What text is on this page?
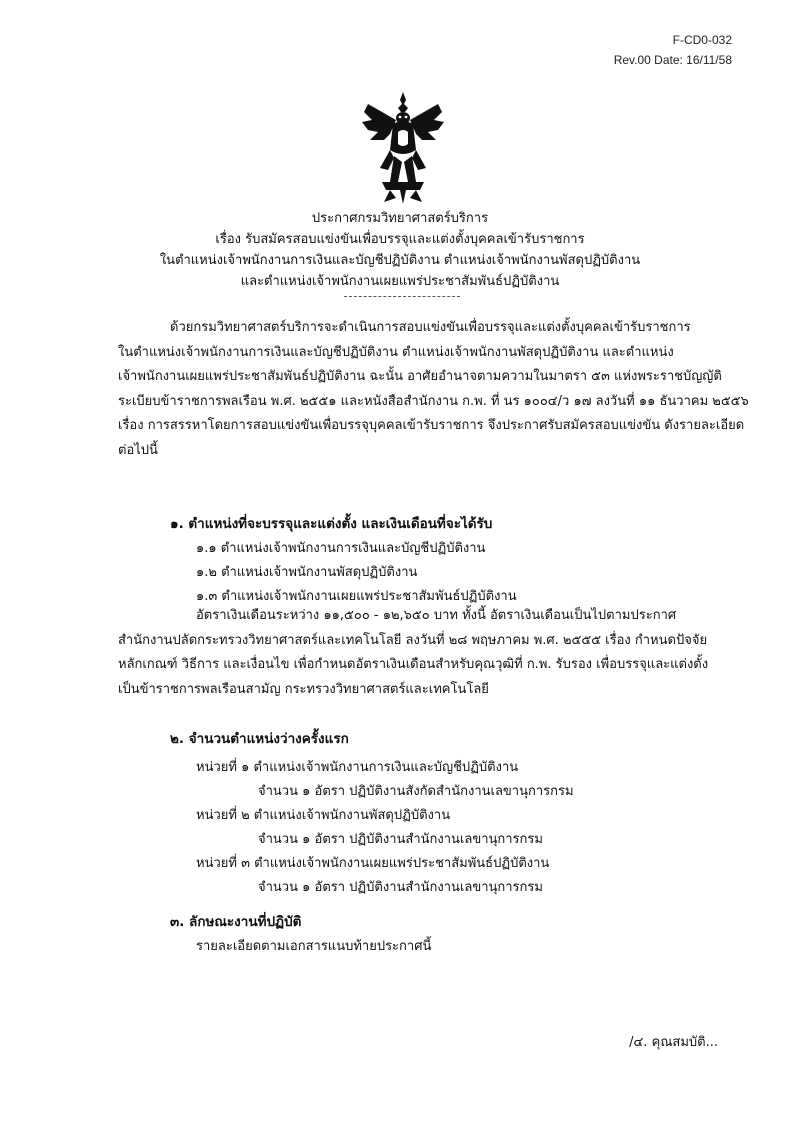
F-CD0-032
Rev.00 Date: 16/11/58
ประกาศกรมวิทยาศาสตร์บริการ
เรื่อง รับสมัครสอบแข่งขันเพื่อบรรจุและแต่งตั้งบุคคลเข้ารับราชการ
ในตำแหน่งเจ้าพนักงานการเงินและบัญชีปฏิบัติงาน ตำแหน่งเจ้าพนักงานพัสดุปฏิบัติงาน
และตำแหน่งเจ้าพนักงานเผยแพร่ประชาสัมพันธ์ปฏิบัติงาน
ด้วยกรมวิทยาศาสตร์บริการจะดำเนินการสอบแข่งขันเพื่อบรรจุและแต่งตั้งบุคคลเข้ารับราชการ
ในตำแหน่งเจ้าพนักงานการเงินและบัญชีปฏิบัติงาน ตำแหน่งเจ้าพนักงานพัสดุปฏิบัติงาน และตำแหน่ง
เจ้าพนักงานเผยแพร่ประชาสัมพันธ์ปฏิบัติงาน ฉะนั้น อาศัยอำนาจตามความในมาตรา ๕๓ แห่งพระราชบัญญัติ
ระเบียบข้าราชการพลเรือน พ.ศ. ๒๕๕๑ และหนังสือสำนักงาน ก.พ. ที่ นร ๑๐๐๔/ว ๑๗ ลงวันที่ ๑๑ ธันวาคม ๒๕๕๖
เรื่อง การสรรหาโดยการสอบแข่งขันเพื่อบรรจุบุคคลเข้ารับราชการ จึงประกาศรับสมัครสอบแข่งขัน ดังรายละเอียด
ต่อไปนี้
๑. ตำแหน่งที่จะบรรจุและแต่งตั้ง และเงินเดือนที่จะได้รับ
๑.๑ ตำแหน่งเจ้าพนักงานการเงินและบัญชีปฏิบัติงาน
๑.๒ ตำแหน่งเจ้าพนักงานพัสดุปฏิบัติงาน
๑.๓ ตำแหน่งเจ้าพนักงานเผยแพร่ประชาสัมพันธ์ปฏิบัติงาน
อัตราเงินเดือนระหว่าง ๑๑,๕๐๐ - ๑๒,๖๕๐ บาท ทั้งนี้ อัตราเงินเดือนเป็นไปตามประกาศ
สำนักงานปลัดกระทรวงวิทยาศาสตร์และเทคโนโลยี ลงวันที่ ๒๘ พฤษภาคม พ.ศ. ๒๕๕๕ เรื่อง กำหนดปัจจัย
หลักเกณฑ์ วิธีการ และเงื่อนไข เพื่อกำหนดอัตราเงินเดือนสำหรับคุณวุฒิที่ ก.พ. รับรอง เพื่อบรรจุและแต่งตั้ง
เป็นข้าราชการพลเรือนสามัญ กระทรวงวิทยาศาสตร์และเทคโนโลยี
๒. จำนวนตำแหน่งว่างครั้งแรก
หน่วยที่ ๑ ตำแหน่งเจ้าพนักงานการเงินและบัญชีปฏิบัติงาน
จำนวน ๑ อัตรา ปฏิบัติงานสังกัดสำนักงานเลขานุการกรม
หน่วยที่ ๒ ตำแหน่งเจ้าพนักงานพัสดุปฏิบัติงาน
จำนวน ๑ อัตรา ปฏิบัติงานสำนักงานเลขานุการกรม
หน่วยที่ ๓ ตำแหน่งเจ้าพนักงานเผยแพร่ประชาสัมพันธ์ปฏิบัติงาน
จำนวน ๑ อัตรา ปฏิบัติงานสำนักงานเลขานุการกรม
๓. ลักษณะงานที่ปฏิบัติ
รายละเอียดตามเอกสารแนบท้ายประกาศนี้
/๔. คุณสมบัติ...
